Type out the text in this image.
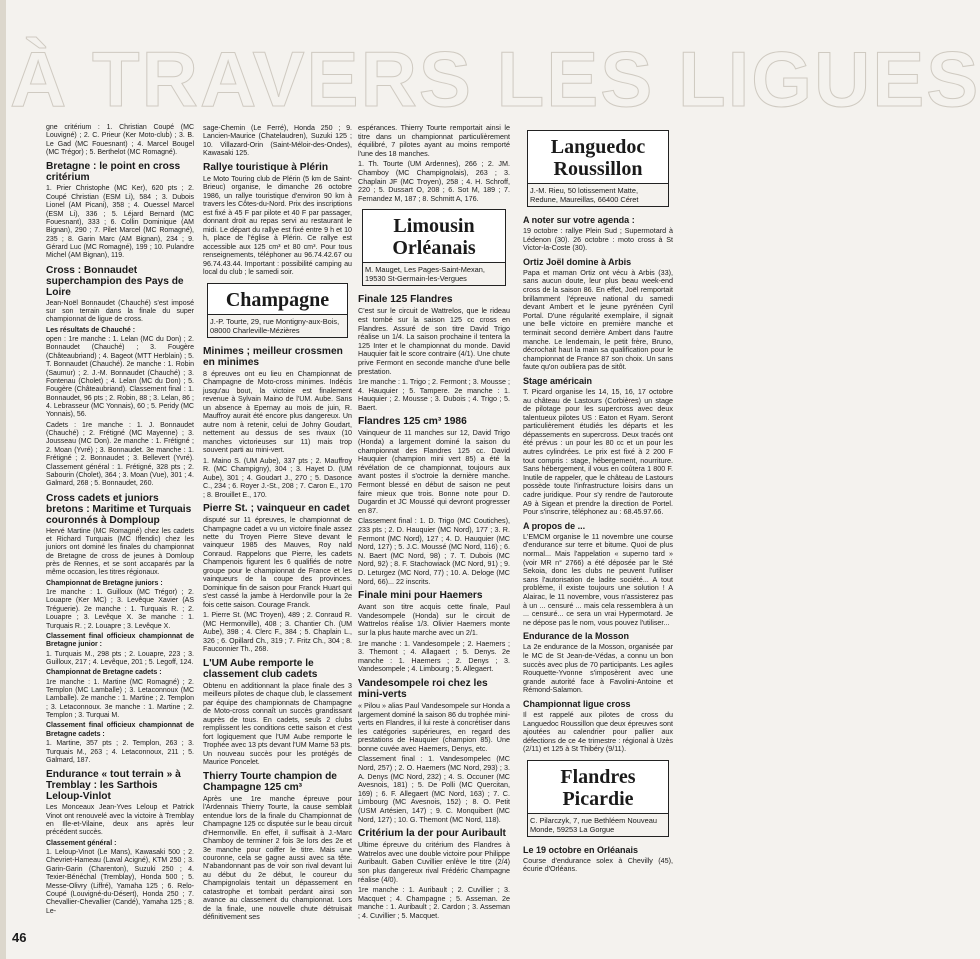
À TRAVERS LES LIGUES

gne critérium : 1. Christian Coupé (MC Louvigné) ; 2. C. Prieur (Ker Moto-club) ; 3. B. Le Gad (MC Fouesnant) ; 4. Marcel Bougel (MC Trégor) ; 5. Berthelot (MC Romagné).

Bretagne : le point en cross critérium

1. Prier Christophe (MC Ker), 620 pts ; 2. Coupé Christian (ESM Li), 584 ; 3. Dubois Lionel (AM Picani), 358 ; 4. Ouessel Marcel (ESM Li), 336 ; 5. Léjard Bernard (MC Fouesnant), 333 ; 6. Collin Dominique (AM Bignan), 290 ; 7. Pilet Marcel (MC Romagné), 235 ; 8. Garin Marc (AM Bignan), 234 ; 9. Gérard Luc (MC Romagné), 199 ; 10. Pulandre Michel (AM Bignan), 119.

Cross : Bonnaudet superchampion des Pays de Loire

Jean-Noël Bonnaudet (Chauché) s'est imposé sur son terrain dans la finale du super championnat de ligue de cross.

Les résultats de Chauché :

open : 1re manche : 1. Lelan (MC du Don) ; 2. Bonnaudet (Chauché) ; 3. Fougère (Châteaubriand) ; 4. Bageot (MTT Herblain) ; 5. T. Bonnaudet (Chauché). 2e manche : 1. Robin (Saumur) ; 2. J.-M. Bonnaudet (Chauché) ; 3. Fontenau (Cholet) ; 4. Lelan (MC du Don) ; 5. Fougère (Châteaubriand). Classement final : 1. Bonnaudet, 96 pts ; 2. Robin, 88 ; 3. Lelan, 86 ; 4. Lebrasseur (MC Yonnais), 60 ; 5. Peridy (MC Yonnais), 56.

Cadets : 1re manche : 1. J. Bonnaudet (Chauché) ; 2. Frétigné (MC Mayenne) ; 3. Jousseau (MC Don). 2e manche : 1. Frétigné ; 2. Moan (Yvré) ; 3. Bonnaudet. 3e manche : 1. Frétigné ; 2. Bonnaudet ; 3. Bellevert (Yvré). Classement général : 1. Frétigné, 328 pts ; 2. Sabourin (Cholet), 364 ; 3. Moan (Vue), 301 ; 4. Galmard, 268 ; 5. Bonnaudet, 260.

Cross cadets et juniors bretons : Maritime et Turquais couronnés à Domploup

Hervé Martine (MC Romagné) chez les cadets et Richard Turquais (MC Iffendic) chez les juniors ont dominé les finales du championnat de Bretagne de cross de jeunes à Domloup près de Rennes, et se sont accaparés par la même occasion, les titres régionaux.

Championnat de Bretagne juniors :

1re manche : 1. Guilloux (MC Trégor) ; 2. Louapre (Ker MC) ; 3. Levêque Xavier (AS Tréguerie). 2e manche : 1. Turquais R. ; 2. Louapre ; 3. Levêque X. 3e manche : 1. Turquais R. ; 2. Louapre ; 3. Levêque X.

Classement final officieux championnat de Bretagne junior :

1. Turquais M., 298 pts ; 2. Louapre, 223 ; 3. Guilloux, 217 ; 4. Levêque, 201 ; 5. Legoff, 124.

Championnat de Bretagne cadets :

1re manche : 1. Martine (MC Romagné) ; 2. Templon (MC Lamballe) ; 3. Letaconnoux (MC Lamballe). 2e manche : 1. Martine ; 2. Templon ; 3. Letaconnoux. 3e manche : 1. Martine ; 2. Templon ; 3. Turquai M.

Classement final officieux championnat de Bretagne cadets :

1. Martine, 357 pts ; 2. Templon, 263 ; 3. Turquais M., 263 ; 4. Letaconnoux, 211 ; 5. Galmard, 187.

Endurance « tout terrain » à Tremblay : les Sarthois Leloup-Vinlot

Les Monceaux Jean-Yves Leloup et Patrick Vinot ont renouvelé avec la victoire à Tremblay en Ille-et-Vilaine, deux ans après leur précédent succès.

Classement général :

1. Leloup-Vinot (Le Mans), Kawasaki 500 ; 2. Chevriet-Hameau (Laval Acigné), KTM 250 ; 3. Garin-Garin (Charenton), Suzuki 250 ; 4. Texier-Bénéchal (Tremblay), Honda 500 ; 5. Messe-Olivry (Liffré), Yamaha 125 ; 6. Relo-Coupé (Louvigné-du-Désert), Honda 250 ; 7. Chevallier-Chevallier (Candé), Yamaha 125 ; 8. Le-

sage-Chemin (Le Ferré), Honda 250 ; 9. Lancien-Maurice (Chatelaudren), Suzuki 125 ; 10. Villazard-Orin (Saint-Méloir-des-Ondes), Kawasaki 125.

Rallye touristique à Plérin

Le Moto Touring club de Plérin (5 km de Saint-Brieuc) organise, le dimanche 26 octobre 1986, un rallye touristique d'environ 90 km à travers les Côtes-du-Nord. Prix des inscriptions est fixé à 45 F par pilote et 40 F par passager, donnant droit au repas servi au restaurant le midi. Le départ du rallye est fixé entre 9 h et 10 h, place de l'église à Plérin. Ce rallye est accessible aux 125 cm³ et 80 cm³. Pour tous renseignements, téléphoner au 96.74.42.67 ou 96.74.43.44. Important : possibilité camping au local du club ; le samedi soir.

Champagne
J.-P. Tourte, 29, rue Montigny-aux-Bois, 08000 Charleville-Mézières
Minimes ; meilleur crossmen en minimes

8 épreuves ont eu lieu en Championnat de Champagne de Moto-cross minimes. Indécis jusqu'au bout, la victoire est finalement revenue à Sylvain Maino de l'UM. Aube. Sans un absence à Epernay au mois de juin, R. Mauffroy aurait été encore plus dangereux. Un autre nom à retenir, celui de Johny Goudart, nettement au dessus de ses rivaux (10 manches victorieuses sur 11) mais trop souvent parti au mini-vert.

1. Maino S. (UM Aube), 337 pts ; 2. Mauffroy R. (MC Champigny), 304 ; 3. Hayet D. (UM Aube), 301 ; 4. Goudart J., 270 ; 5. Dasonce C., 234 ; 6. Royer J.-St., 208 ; 7. Caron E., 170 ; 8. Brouillet E., 170.

Pierre St. ; vainqueur en cadet

disputé sur 11 épreuves, le championnat de Champagne cadet a vu un victoire finale assez nette du Troyen Pierre Steve devant le vainqueur 1985 des Mauves, Roy nald Conraud. Rappelons que Pierre, les cadets Champenois figurent les 6 qualifiés de notre groupe pour le championnat de France et les vainqueurs de la coupe des provinces. Dominique fin de saison pour Franck Huart qui s'est cassé la jambe à Herdonville pour la 2e fois cette saison. Courage Franck.

1. Pierre St. (MC Troyen), 489 ; 2. Conraud R. (MC Hermonville), 408 ; 3. Chantier Ch. (UM Aube), 398 ; 4. Clerc F., 384 ; 5. Chaplain L., 326 ; 6. Opillard Ch., 319 ; 7. Fritz Ch., 304 ; 8. Fauconnier Th., 268.

L'UM Aube remporte le classement club cadets

Obtenu en additionnant la place finale des 3 meilleurs pilotes de chaque club, le classement par équipe des championnats de Champagne de Moto-cross connaît un succès grandissant auprès de tous. En cadets, seuls 2 clubs remplissent les conditions cette saison et c'est fort logiquement que l'UM Aube remporte le Trophée avec 13 pts devant l'UM Marne 53 pts. Un nouveau succès pour les protégés de Maurice Poncelet.

Thierry Tourte champion de Champagne 125 cm³

Après une 1re manche épreuve pour l'Ardennais Thierry Tourte, la cause semblait entendue lors de la finale du Championnat de Champagne 125 cc disputée sur le beau circuit d'Hermonville. En effet, il suffisait à J.-Marc Chamboy de terminer 2 fois 3e lors des 2e et 3e manche pour coiffer le titre. Mais une couronne, cela se gagne aussi avec sa tête. N'abandonnant pas de voir son rival devant lui au début du 2e début, le coureur du Champignolais tentait un dépassement en catastrophe et tombait perdant ainsi son avance au classement du championnat. Lors de la finale, une nouvelle chute détruisait définitivement ses

espérances. Thierry Tourte remportait ainsi le titre dans un championnat particulièrement équilibré, 7 pilotes ayant au moins remporté l'une des 18 manches.

1. Th. Tourte (UM Ardennes), 266 ; 2. JM. Chamboy (MC Champignolais), 263 ; 3. Chaplain JF (MC Troyen), 258 ; 4. H. Schroff, 220 ; 5. Dussart O, 208 ; 6. Sot M, 189 ; 7. Fernandez M, 187 ; 8. Schmitt A, 176.

Limousin Orléanais
M. Mauget, Les Pages-Saint-Mexan, 19530 St-Germain-les-Vergues
Finale 125 Flandres

C'est sur le circuit de Wattrelos, que le rideau est tombé sur la saison 125 cc cross en Flandres. Assuré de son titre David Trigo réalise un 1/4. La saison prochaine il tentera la 125 Inter et le championnat du monde. David Hauquier fait le score contraire (4/1). Une chute prive Fermont en seconde manche d'une belle prestation.

1re manche : 1. Trigo ; 2. Fermont ; 3. Mousse ; 4. Hauquier ; 5. Tampere. 2e manche : 1. Hauquier ; 2. Mousse ; 3. Dubois ; 4. Trigo ; 5. Baert.

Flandres 125 cm³ 1986

Vainqueur de 11 manches sur 12, David Trigo (Honda) a largement dominé la saison du championnat des Flandres 125 cc. David Hauquier (champion mini vert 85) a été la révélation de ce championnat, toujours aux avant postes il s'octroie la dernière manche. Fermont blessé en début de saison ne peut faire mieux que trois. Bonne note pour D. Dugardin et JC Moussé qui devront progresser en 87.

Classement final : 1. D. Trigo (MC Coutiches), 233 pts ; 2. D. Hauquier (MC Nord), 177 ; 3. R. Fermont (MC Nord), 127 ; 4. D. Hauquier (MC Nord, 127) ; 5. J.C. Moussé (MC Nord, 116) ; 6. N. Baert (MC Nord, 98) ; 7. T. Dubois (MC Nord, 92) ; 8. F. Stachowiack (MC Nord, 91) ; 9. D. Leturgez (MC Nord, 77) ; 10. A. Deloge (MC Nord, 66)... 22 inscrits.

Finale mini pour Haemers

Avant son titre acquis cette finale, Paul Vandesompele (Honda) sur le circuit de Wattrelos réalise 1/3. Olivier Haemers monte sur la plus haute marche avec un 2/1.

1re manche : 1. Vandesompele ; 2. Haemers ; 3. Themont ; 4. Allagaert ; 5. Denys. 2e manche : 1. Haemers ; 2. Denys ; 3. Vandesompele ; 4. Limbourg ; 5. Allegaert.

Vandesompele roi chez les mini-verts

« Pilou » alias Paul Vandesompele sur Honda a largement dominé la saison 86 du trophée mini-verts en Flandres, il lui reste à concrétiser dans les catégories supérieures, en regard des prestations de Hauquier (champion 85). Une bonne cuvée avec Haemers, Denys, etc.

Classement final : 1. Vandesompelec (MC Nord, 257) ; 2. O. Haemers (MC Nord, 293) ; 3. A. Denys (MC Nord, 232) ; 4. S. Occuner (MC Avesnois, 181) ; 5. De Polli (MC Quercitan, 169) ; 6. F. Allegaert (MC Nord, 163) ; 7. C. Limbourg (MC Avesnois, 152) ; 8. O. Petit (USM Artésien, 147) ; 9. C. Monquibert (MC Nord, 127) ; 10. G. Themont (MC Nord, 118).

Critérium la der pour Auribault

Ultime épreuve du critérium des Flandres à Watrelos avec une double victoire pour Philippe Auribault. Gaben Cuvillier enlève le titre (2/4) son plus dangereux rival Frédéric Champagne réalise (4/0).

1re manche : 1. Auribault ; 2. Cuvillier ; 3. Macquet ; 4. Champagne ; 5. Asseman. 2e manche : 1. Auribault ; 2. Cardon ; 3. Asseman ; 4. Cuvillier ; 5. Macquet.

Languedoc Roussillon
J.-M. Rieu, 50 lotissement Matte, Redune, Maureillas, 66400 Céret
A noter sur votre agenda :

19 octobre : rallye Plein Sud ; Supermotard à Lédenon (30). 26 octobre : moto cross à St Victor-la-Coste (30).

Ortiz Joël domine à Arbis

Papa et maman Ortiz ont vécu à Arbis (33), sans aucun doute, leur plus beau week-end cross de la saison 86. En effet, Joël remportait brillamment l'épreuve national du samedi devant Ambert et le jeune pyrénéen Cyril Portal. D'une régularité exemplaire, il signait une belle victoire en première manche et terminait second derrière Ambert dans l'autre manche. Le lendemain, le petit frère, Bruno, décrochait haut la main sa qualification pour le championnat de France 87 son choix. Un sans faute qu'on oubliera pas de sitôt.

Stage américain

T. Picard organise les 14, 15, 16, 17 octobre au château de Lastours (Corbières) un stage de pilotage pour les supercross avec deux talentueux pilotes US : Eaton et Ryam. Seront particulièrement étudiés les départs et les dépassements en supercross. Deux tracés ont été prévus : un pour les 80 cc et un pour les autres cylindrées. Le prix est fixé à 2 200 F tout compris : stage, hébergement, nourriture. Sans hébergement, il vous en coûtera 1 800 F. Inutile de rappeler, que le château de Lastours possède toute l'infrastructure loisirs dans un cadre juridique. Pour s'y rendre de l'autoroute A9 à Sigean et prendre la direction de Portel. Pour s'inscrire, téléphonez au : 68.45.97.66.

A propos de ...

L'EMCM organise le 11 novembre une course d'endurance sur terre et bitume. Quoi de plus normal... Mais l'appelation « superno tard » (voir MR n° 2766) a été déposée par le Sté Sekoia, donc les clubs ne peuvent l'utiliser sans l'autorisation de ladite société... A tout problème, il existe toujours une solution ! A Alairac, le 11 novembre, vous n'assisterez pas à un ... censuré ... mais cela ressemblera à un ... censuré... ce sera un vrai Hypermotard. Je ne dépose pas le nom, vous pouvez l'utiliser...

Endurance de la Mosson

La 2e endurance de la Mosson, organisée par le MC de St Jean-de-Védas, a connu un bon succès avec plus de 70 participants. Les agiles Rouquette-Yvonne s'imposèrent avec une grande autorité face à Favolini-Antoine et Rémond-Salamon.

Championnat ligue cross

Il est rappelé aux pilotes de cross du Languedoc Roussillon que deux épreuves sont ajoutées au calendrier pour pallier aux défections de ce 4e trimestre : régional à Uzès (2/11) et 125 à St Thibéry (9/11).

Flandres Picardie
C. Pilarczyk, 7, rue Bethléem Nouveau Monde, 59253 La Gorgue
Le 19 octobre en Orléanais

Course d'endurance solex à Chevilly (45), écurie d'Orléans.

46
